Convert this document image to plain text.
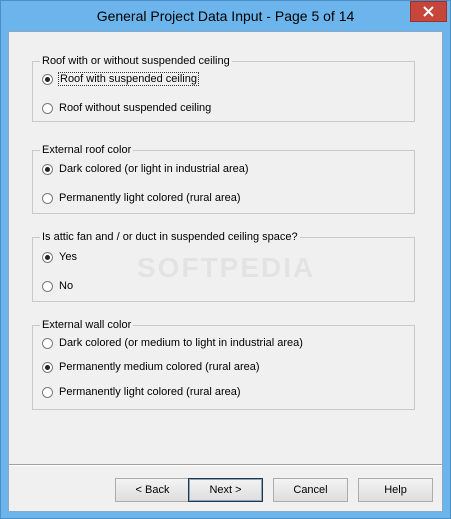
General Project Data Input - Page 5 of 14
SOFTPEDIA
Roof with or without suspended ceiling
Roof with suspended ceiling
Roof without suspended ceiling
External roof color
Dark colored (or light in industrial area)
Permanently light colored (rural area)
Is attic fan and / or duct in suspended ceiling space?
Yes
No
External wall color
Dark colored (or medium to light in industrial area)
Permanently medium colored (rural area)
Permanently light colored (rural area)
< Back	Next >	Cancel	Help
